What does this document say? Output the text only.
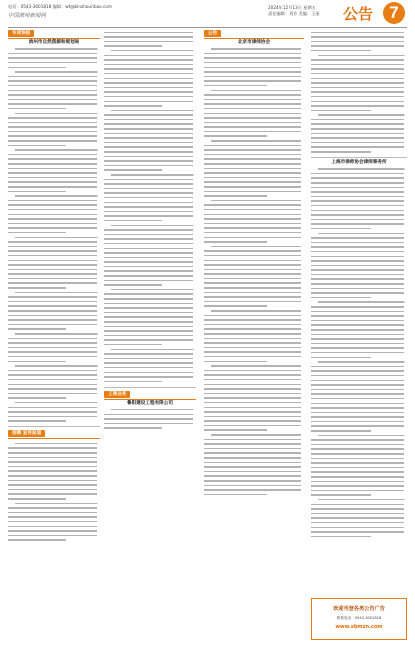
电话：0543-3001818 编辑：wt@binzhouribao.com
中国滨州新闻网
2024年12月13日 星期五
责任编辑：刘芳 美编：王丽 公告 7
专项快报
滨州市自然资源和规划局
招聘 宣传报道
工商业务
鲁阳建设工程有限公司
公告
北京市律师协会
上海市律师协会律师事务所
欢迎刊登各类公告广告
联系电话：0543-3001818
www.sbmzn.com
